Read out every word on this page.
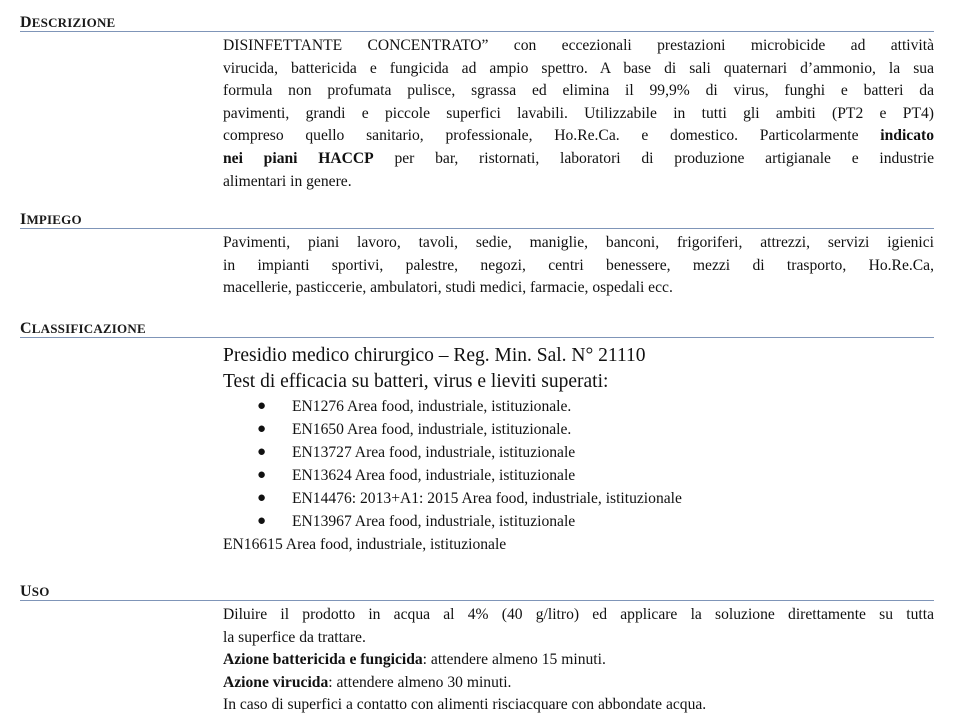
DESCRIZIONE

DISINFETTANTE CONCENTRATO” con eccezionali prestazioni microbicide ad attività

virucida, battericida e fungicida ad ampio spettro. A base di sali quaternari d’ammonio, la sua

formula non profumata pulisce, sgrassa ed elimina il 99,9% di virus, funghi e batteri da

pavimenti, grandi e piccole superfici lavabili. Utilizzabile in tutti gli ambiti (PT2 e PT4)

compreso quello sanitario, professionale, Ho.Re.Ca. e domestico. Particolarmente indicato

nei piani HACCP per bar, ristornati, laboratori di produzione artigianale e industrie

alimentari in genere.

IMPIEGO

Pavimenti, piani lavoro, tavoli, sedie, maniglie, banconi, frigoriferi, attrezzi, servizi igienici

in impianti sportivi, palestre, negozi, centri benessere, mezzi di trasporto, Ho.Re.Ca,

macellerie, pasticcerie, ambulatori, studi medici, farmacie, ospedali ecc.

CLASSIFICAZIONE

Presidio medico chirurgico – Reg. Min. Sal. N° 21110

Test di efficacia su batteri, virus e lieviti superati:

● EN1276 Area food, industriale, istituzionale.
● EN1650 Area food, industriale, istituzionale.
● EN13727 Area food, industriale, istituzionale
● EN13624 Area food, industriale, istituzionale
● EN14476: 2013+A1: 2015 Area food, industriale, istituzionale
● EN13967 Area food, industriale, istituzionale

EN16615 Area food, industriale, istituzionale

USO

Diluire il prodotto in acqua al 4% (40 g/litro) ed applicare la soluzione direttamente su tutta

la superfice da trattare.

Azione battericida e fungicida: attendere almeno 15 minuti.

Azione virucida: attendere almeno 30 minuti.

In caso di superfici a contatto con alimenti risciacquare con abbondate acqua.
